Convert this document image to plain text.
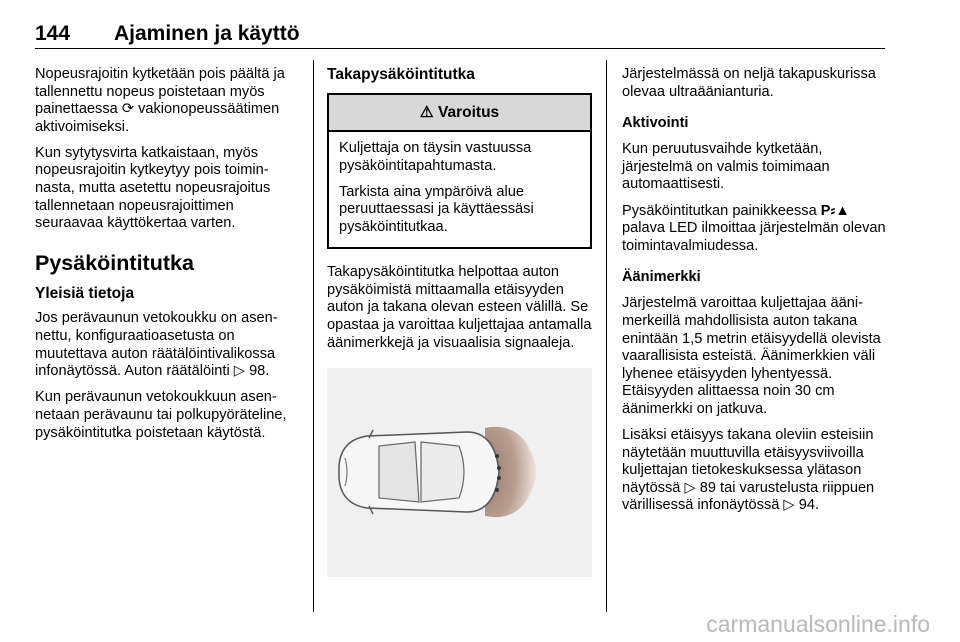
144 Ajaminen ja käyttö

Nopeusrajoitin kytketään pois päältä ja tallennettu nopeus poistetaan myös painettaessa ⟳ vakionopeussäätimen aktivoimiseksi.

Kun sytytysvirta katkaistaan, myös nopeusrajoitin kytkeytyy pois toiminnasta, mutta asetettu nopeusrajoitus tallennetaan nopeusrajoittimen seuraavaa käyttökertaa varten.

Pysäköintitutka
Yleisiä tietoja

Jos perävaunun vetokoukku on asennettu, konfiguraatioasetusta on muutettava auton räätälöintivalikossa infonäytössä. Auton räätälöinti ▷ 98.

Kun perävaunun vetokoukkuun asennetaan perävaunu tai polkupyöräteline, pysäköintitutka poistetaan käytöstä.

Takapysäköintitutka
⚠ Varoitus

Kuljettaja on täysin vastuussa pysäköintitapahtumasta.

Tarkista aina ympäröivä alue peruuttaessasi ja käyttäessäsi pysäköintitutkaa.

Takapysäköintitutka helpottaa auton pysäköimistä mittaamalla etäisyyden auton ja takana olevan esteen välillä. Se opastaa ja varoittaa kuljettajaa antamalla äänimerkkejä ja visuaalisia signaaleja.

Järjestelmässä on neljä takapuskurissa olevaa ultraäänianturia.

Aktivointi

Kun peruutusvaihde kytketään, järjestelmä on valmis toimimaan automaattisesti.

Pysäköintitutkan painikkeessa P⸗▲ palava LED ilmoittaa järjestelmän olevan toimintavalmiudessa.

Äänimerkki

Järjestelmä varoittaa kuljettajaa äänimerkeillä mahdollisista auton takana enintään 1,5 metrin etäisyydellä olevista vaarallisista esteistä. Äänimerkkien väli lyhenee etäisyyden lyhentyessä. Etäisyyden alittaessa noin 30 cm äänimerkki on jatkuva.

Lisäksi etäisyys takana oleviin esteisiin näytetään muuttuvilla etäisyysviivoilla kuljettajan tietokeskuksessa ylätason näytössä ▷ 89 tai varustelusta riippuen värillisessä infonäytössä ▷ 94.

carmanualsonline.info
